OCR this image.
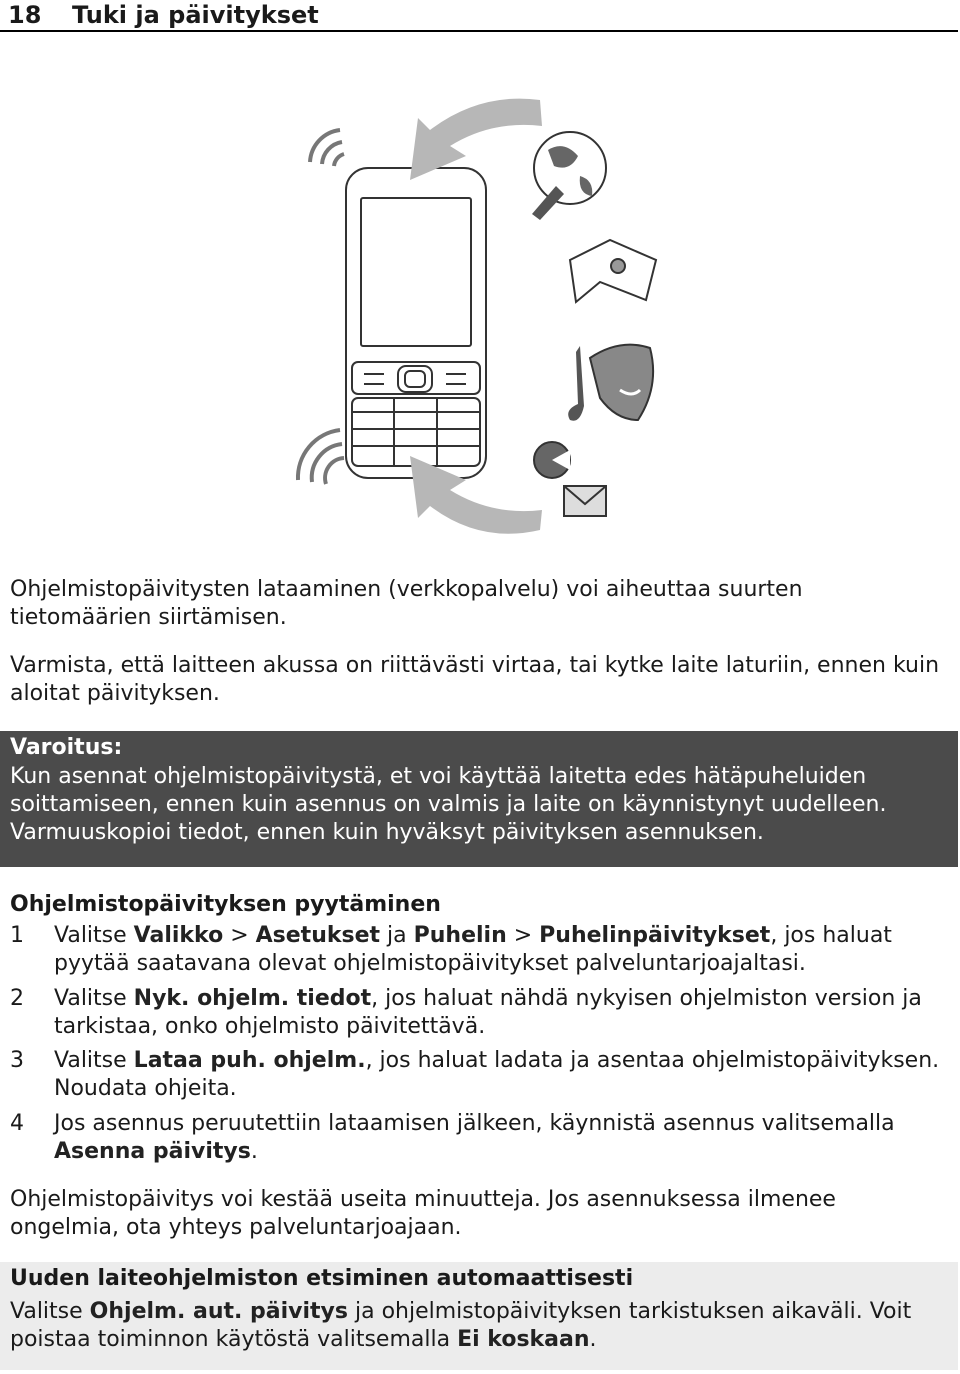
18 Tuki ja päivitykset

Ohjelmistopäivitysten lataaminen (verkkopalvelu) voi aiheuttaa suurten tietomäärien siirtämisen.

Varmista, että laitteen akussa on riittävästi virtaa, tai kytke laite laturiin, ennen kuin aloitat päivityksen.

Varoitus:
Kun asennat ohjelmistopäivitystä, et voi käyttää laitetta edes hätäpuheluiden soittamiseen, ennen kuin asennus on valmis ja laite on käynnistynyt uudelleen. Varmuuskopioi tiedot, ennen kuin hyväksyt päivityksen asennuksen.
Ohjelmistopäivityksen pyytäminen
1 Valitse Valikko > Asetukset ja Puhelin > Puhelinpäivitykset, jos haluat pyytää saatavana olevat ohjelmistopäivitykset palveluntarjoajaltasi.
2 Valitse Nyk. ohjelm. tiedot, jos haluat nähdä nykyisen ohjelmiston version ja tarkistaa, onko ohjelmisto päivitettävä.
3 Valitse Lataa puh. ohjelm., jos haluat ladata ja asentaa ohjelmistopäivityksen. Noudata ohjeita.
4 Jos asennus peruutettiin lataamisen jälkeen, käynnistä asennus valitsemalla Asenna päivitys.

Ohjelmistopäivitys voi kestää useita minuutteja. Jos asennuksessa ilmenee ongelmia, ota yhteys palveluntarjoajaan.

Uuden laiteohjelmiston etsiminen automaattisesti

Valitse Ohjelm. aut. päivitys ja ohjelmistopäivityksen tarkistuksen aikaväli. Voit poistaa toiminnon käytöstä valitsemalla Ei koskaan.
